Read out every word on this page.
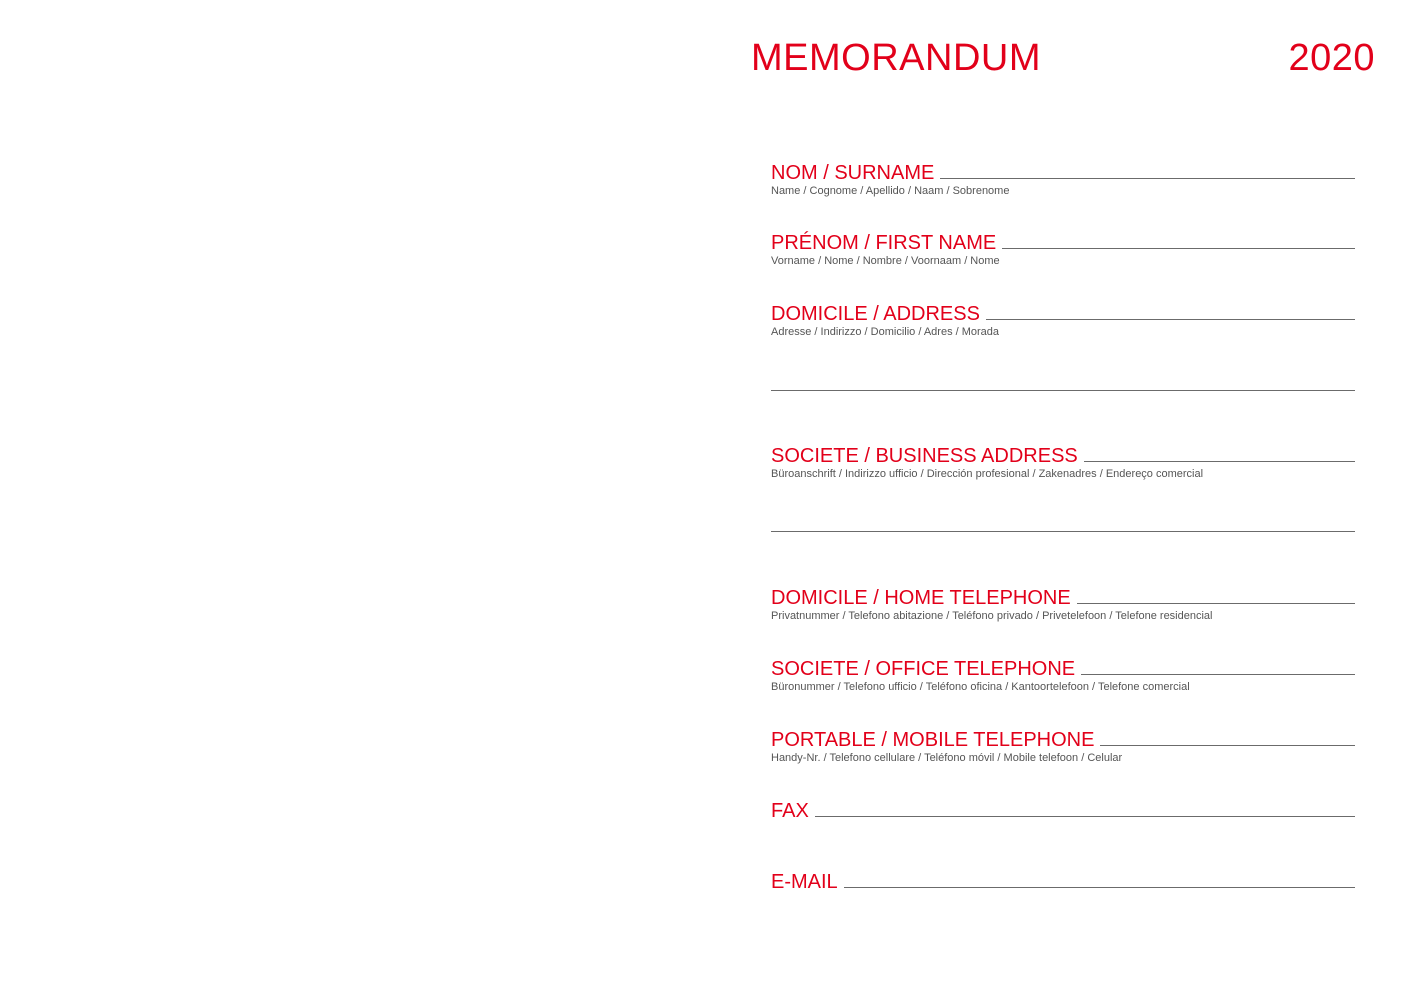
MEMORANDUM	2020
NOM / SURNAME
Name / Cognome / Apellido / Naam / Sobrenome
PRÉNOM / FIRST NAME
Vorname / Nome / Nombre / Voornaam / Nome
DOMICILE / ADDRESS
Adresse / Indirizzo / Domicilio / Adres / Morada
SOCIETE / BUSINESS ADDRESS
Büroanschrift / Indirizzo ufficio / Dirección profesional / Zakenadres / Endereço comercial
DOMICILE / HOME TELEPHONE
Privatnummer / Telefono abitazione / Teléfono privado / Privetelefoon / Telefone residencial
SOCIETE / OFFICE TELEPHONE
Büronummer / Telefono ufficio / Teléfono oficina / Kantoortelefoon / Telefone comercial
PORTABLE / MOBILE TELEPHONE
Handy-Nr. / Telefono cellulare / Teléfono móvil / Mobile telefoon / Celular
FAX
E-MAIL
